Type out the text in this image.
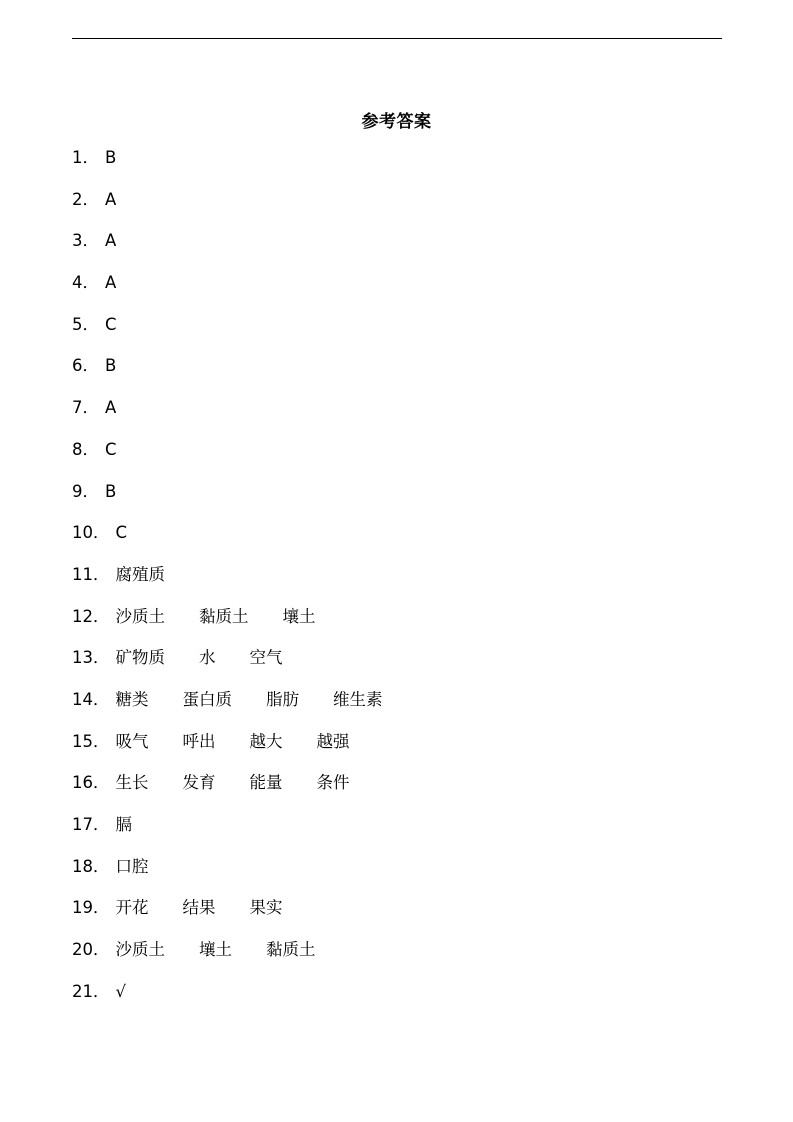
参考答案
1． B
2． A
3． A
4． A
5． C
6． B
7． A
8． C
9． B
10． C
11． 腐殖质
12． 沙质土 黏质土 壤土
13． 矿物质 水 空气
14． 糖类 蛋白质 脂肪 维生素
15． 吸气 呼出 越大 越强
16． 生长 发育 能量 条件
17． 膈
18． 口腔
19． 开花 结果 果实
20． 沙质土 壤土 黏质土
21． √
